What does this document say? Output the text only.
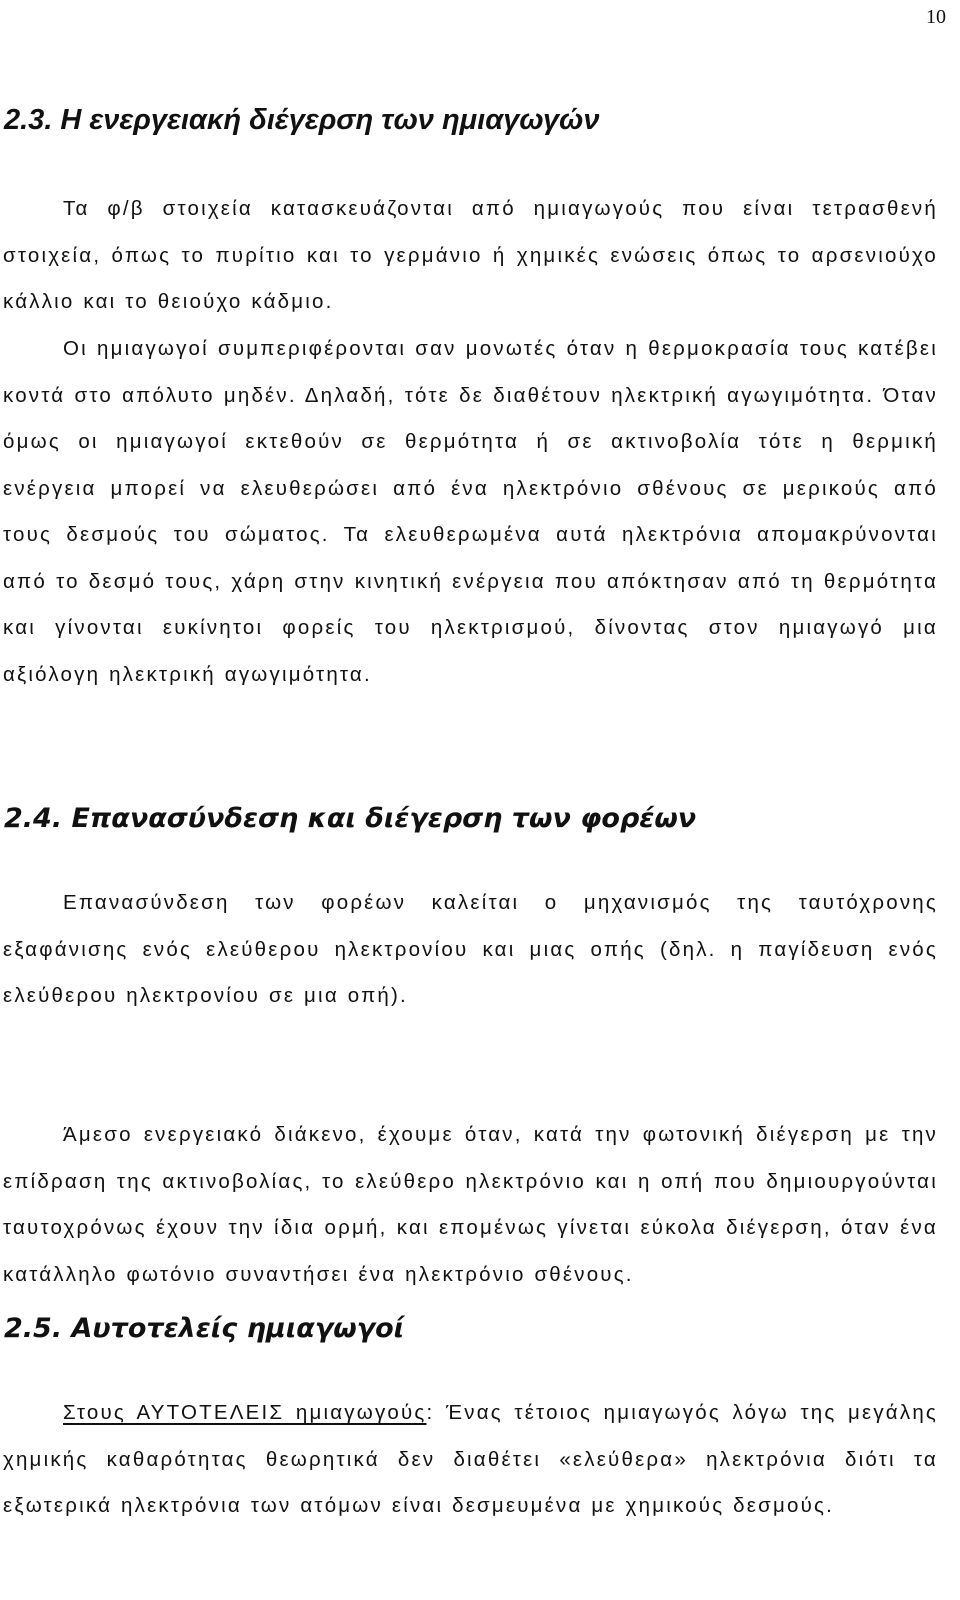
10
2.3. Η ενεργειακή διέγερση των ημιαγωγών

Τα φ/β στοιχεία κατασκευάζονται από ημιαγωγούς που είναι τετρασθενή στοιχεία, όπως το πυρίτιο και το γερμάνιο ή χημικές ενώσεις όπως το αρσενιούχο κάλλιο και το θειούχο κάδμιο.

Οι ημιαγωγοί συμπεριφέρονται σαν μονωτές όταν η θερμοκρασία τους κατέβει κοντά στο απόλυτο μηδέν. Δηλαδή, τότε δε διαθέτουν ηλεκτρική αγωγιμότητα. Όταν όμως οι ημιαγωγοί εκτεθούν σε θερμότητα ή σε ακτινοβολία τότε η θερμική ενέργεια μπορεί να ελευθερώσει από ένα ηλεκτρόνιο σθένους σε μερικούς από τους δεσμούς του σώματος. Τα ελευθερωμένα αυτά ηλεκτρόνια απομακρύνονται από το δεσμό τους, χάρη στην κινητική ενέργεια που απόκτησαν από τη θερμότητα και γίνονται ευκίνητοι φορείς του ηλεκτρισμού, δίνοντας στον ημιαγωγό μια αξιόλογη ηλεκτρική αγωγιμότητα.

2.4. Επανασύνδεση και διέγερση των φορέων

Επανασύνδεση των φορέων καλείται ο μηχανισμός της ταυτόχρονης εξαφάνισης ενός ελεύθερου ηλεκτρονίου και μιας οπής (δηλ. η παγίδευση ενός ελεύθερου ηλεκτρονίου σε μια οπή).

Άμεσο ενεργειακό διάκενο, έχουμε όταν, κατά την φωτονική διέγερση με την επίδραση της ακτινοβολίας, το ελεύθερο ηλεκτρόνιο και η οπή που δημιουργούνται ταυτοχρόνως έχουν την ίδια ορμή, και επομένως γίνεται εύκολα διέγερση, όταν ένα κατάλληλο φωτόνιο συναντήσει ένα ηλεκτρόνιο σθένους.

2.5. Αυτοτελείς ημιαγωγοί

Στους ΑΥΤΟΤΕΛΕΙΣ ημιαγωγούς: Ένας τέτοιος ημιαγωγός λόγω της μεγάλης χημικής καθαρότητας θεωρητικά δεν διαθέτει «ελεύθερα» ηλεκτρόνια διότι τα εξωτερικά ηλεκτρόνια των ατόμων είναι δεσμευμένα με χημικούς δεσμούς.
